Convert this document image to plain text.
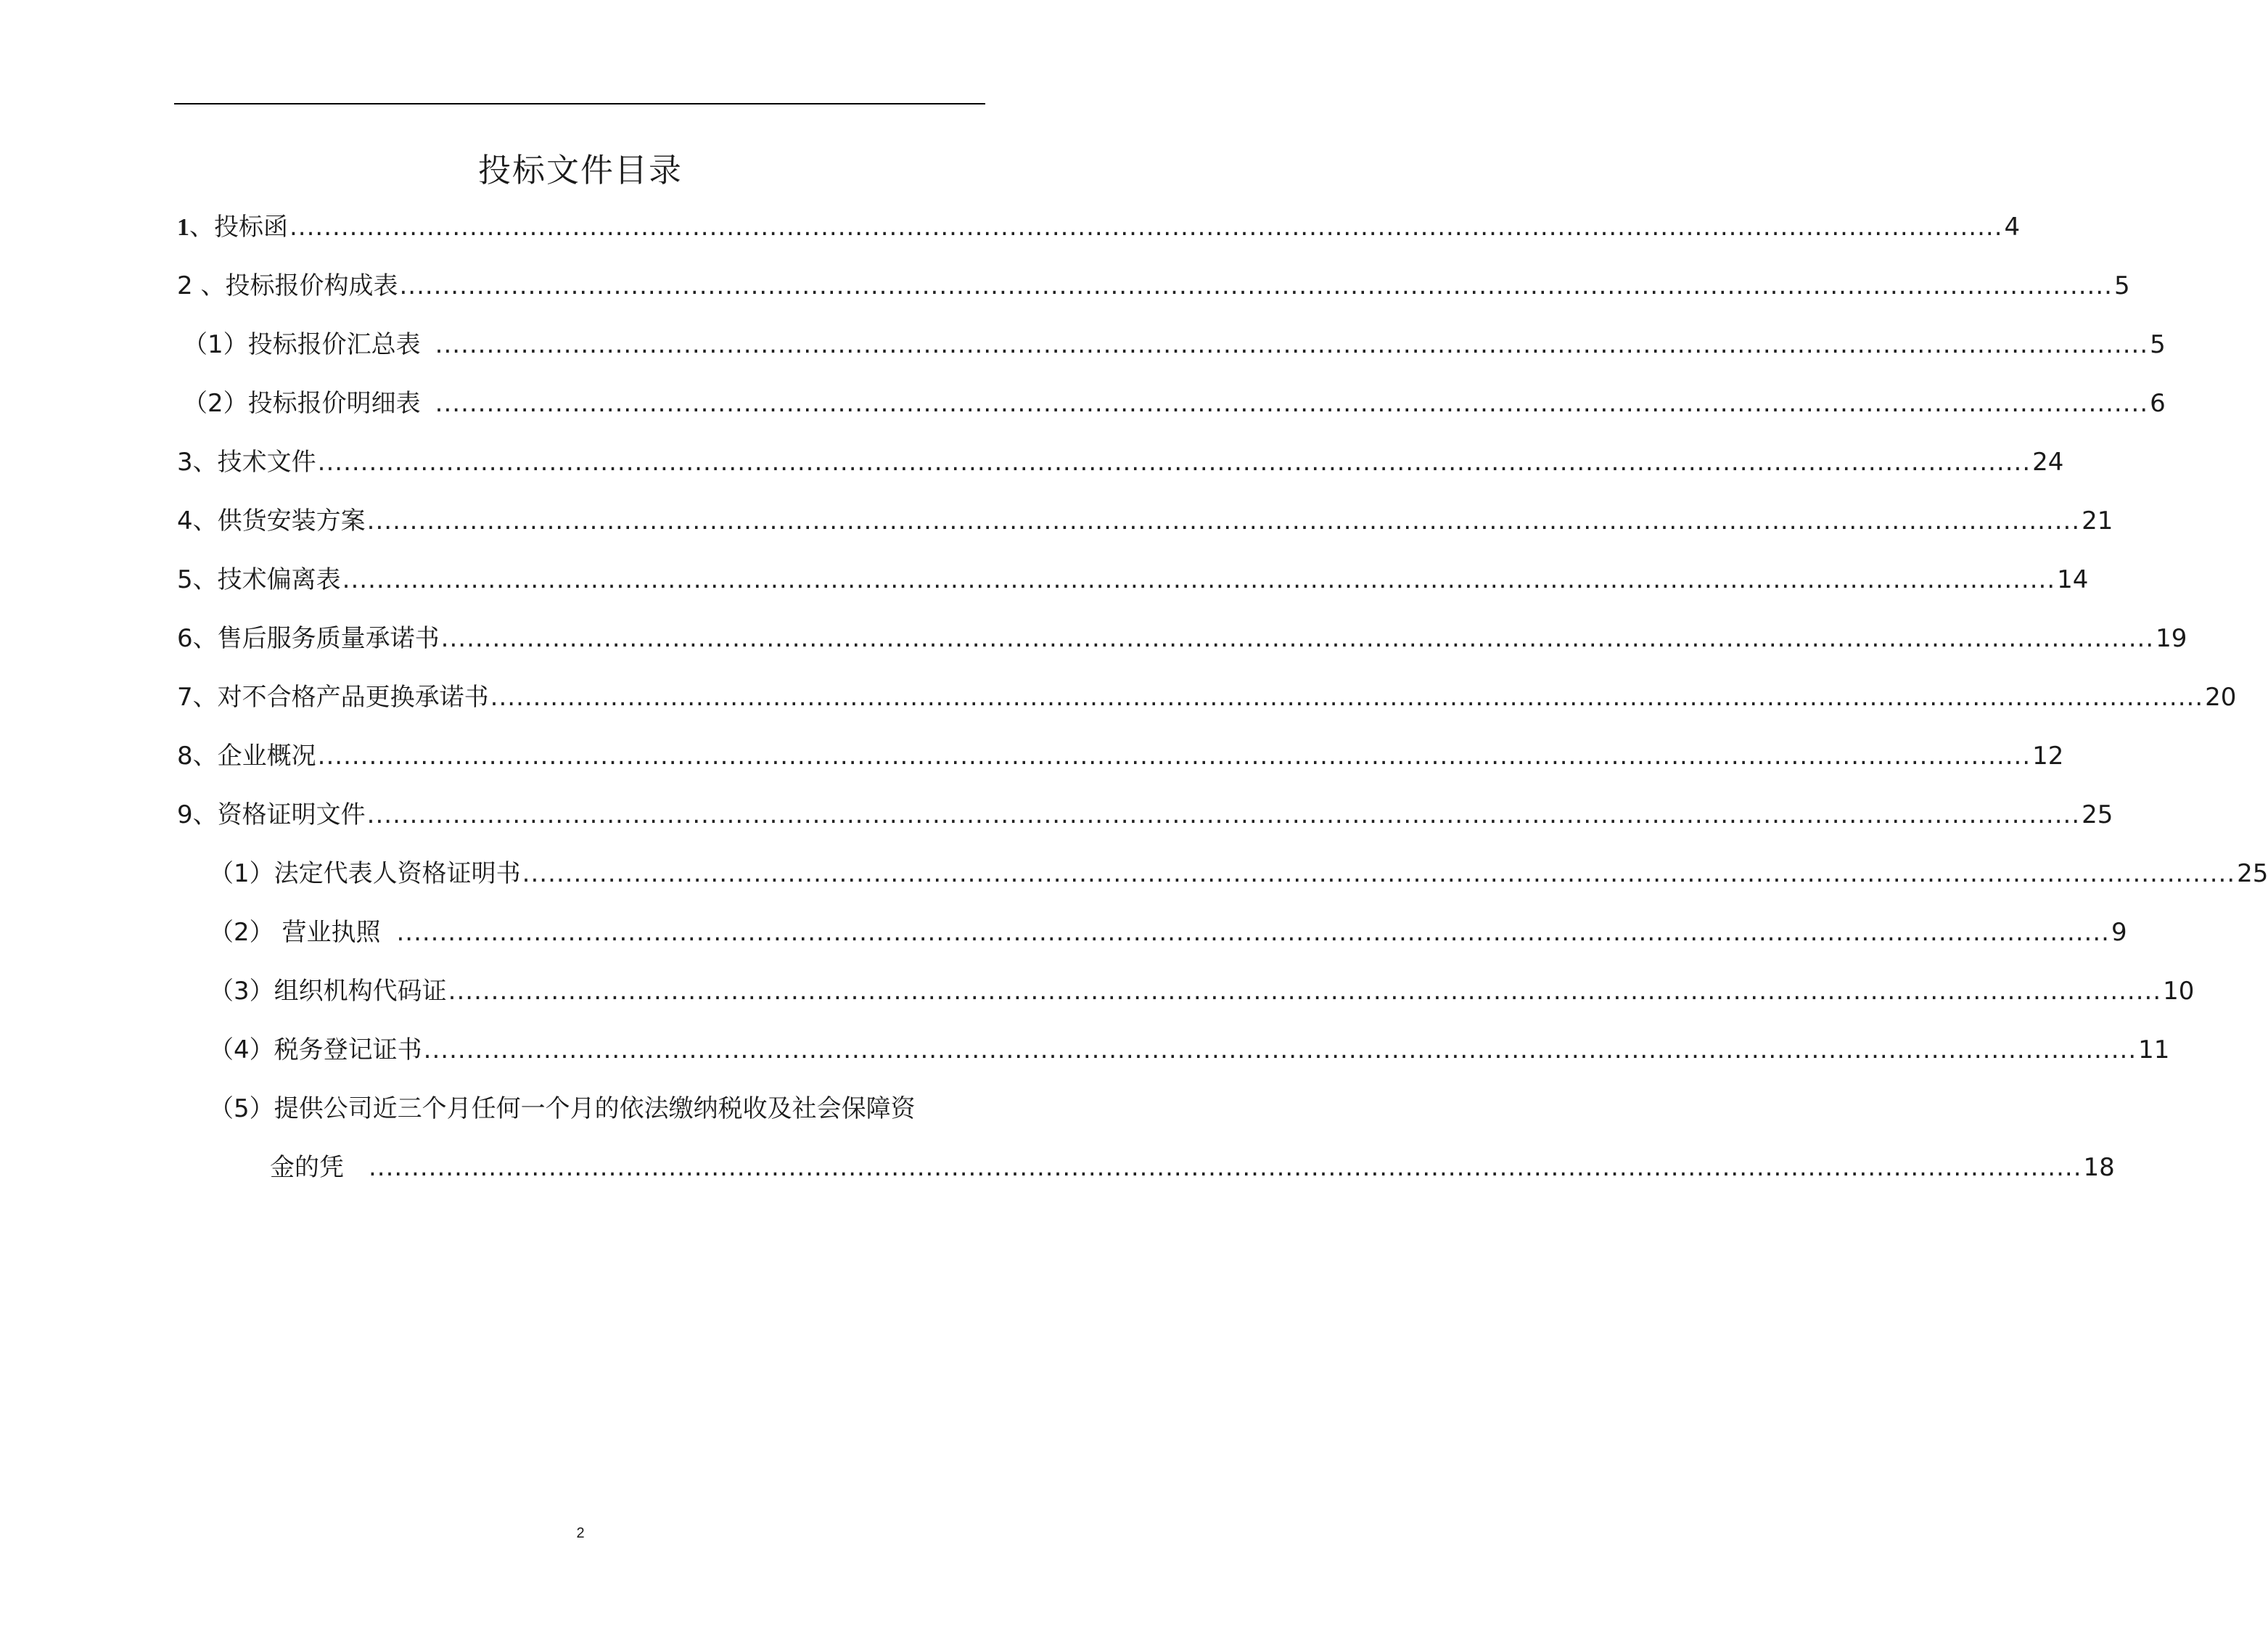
投标文件目录
1、投标函 ........................................................................................................................................................................................................ 4
2 、投标报价构成表 ........................................................................................................................................................................................................ 5
（1）投标报价汇总表 ........................................................................................................................................................................................................ 5
（2）投标报价明细表 ........................................................................................................................................................................................................ 6
3、技术文件 ........................................................................................................................................................................................................ 24
4、供货安装方案 ........................................................................................................................................................................................................ 21
5、技术偏离表 ........................................................................................................................................................................................................ 14
6、售后服务质量承诺书 ........................................................................................................................................................................................................ 19
7、对不合格产品更换承诺书 ........................................................................................................................................................................................................ 20
8、企业概况 ........................................................................................................................................................................................................ 12
9、资格证明文件 ........................................................................................................................................................................................................ 25
（1）法定代表人资格证明书 ........................................................................................................................................................................................................ 25
（2） 营业执照 ........................................................................................................................................................................................................ 9
（3）组织机构代码证 ........................................................................................................................................................................................................ 10
（4）税务登记证书 ........................................................................................................................................................................................................ 11
（5）提供公司近三个月任何一个月的依法缴纳税收及社会保障资
金的凭 ........................................................................................................................................................................................................ 18
2
